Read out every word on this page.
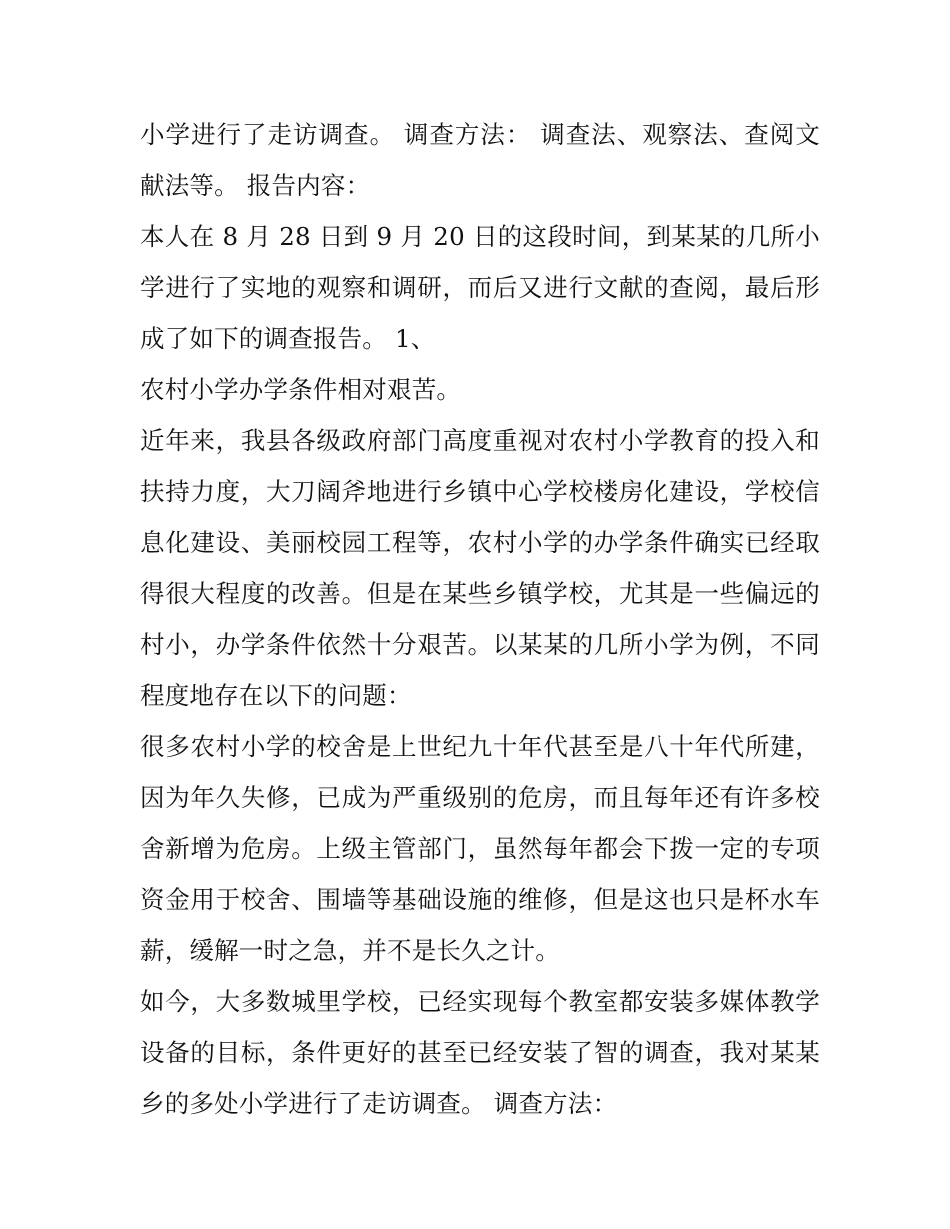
小学进行了走访调查。 调查方法： 调查法、观察法、查阅文献法等。 报告内容：

本人在 8 月 28 日到 9 月 20 日的这段时间，到某某的几所小学进行了实地的观察和调研，而后又进行文献的查阅，最后形成了如下的调查报告。 1、

农村小学办学条件相对艰苦。

近年来，我县各级政府部门高度重视对农村小学教育的投入和扶持力度，大刀阔斧地进行乡镇中心学校楼房化建设，学校信息化建设、美丽校园工程等，农村小学的办学条件确实已经取得很大程度的改善。但是在某些乡镇学校，尤其是一些偏远的村小，办学条件依然十分艰苦。以某某的几所小学为例，不同程度地存在以下的问题：

很多农村小学的校舍是上世纪九十年代甚至是八十年代所建，因为年久失修，已成为严重级别的危房，而且每年还有许多校舍新增为危房。上级主管部门，虽然每年都会下拨一定的专项资金用于校舍、围墙等基础设施的维修，但是这也只是杯水车薪，缓解一时之急，并不是长久之计。

如今，大多数城里学校，已经实现每个教室都安装多媒体教学设备的目标，条件更好的甚至已经安装了智的调查，我对某某乡的多处小学进行了走访调查。 调查方法：
